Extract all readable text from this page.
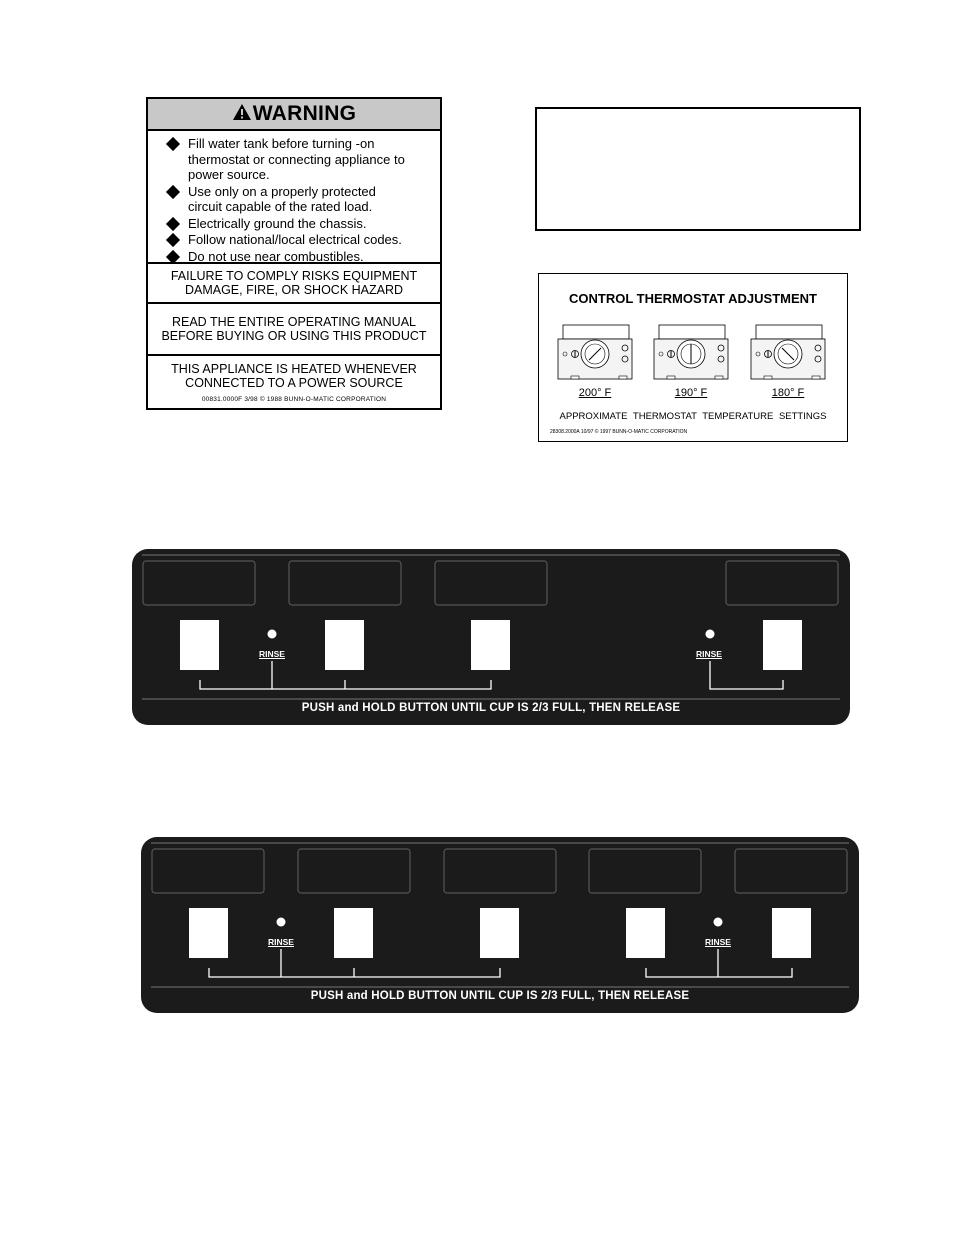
WARNING
Fill water tank before turning -on thermostat or connecting appliance to power source.
Use only on a properly protected circuit capable of the rated load.
Electrically ground the chassis.
Follow national/local electrical codes.
Do not use near combustibles.
FAILURE TO COMPLY RISKS EQUIPMENT
DAMAGE, FIRE, OR SHOCK HAZARD
READ THE ENTIRE OPERATING MANUAL
BEFORE BUYING OR USING THIS PRODUCT
THIS APPLIANCE IS HEATED WHENEVER
CONNECTED TO A POWER SOURCE
00831.0000F 3/98 © 1988 BUNN-O-MATIC CORPORATION
CONTROL THERMOSTAT ADJUSTMENT
200° F	190° F	180° F
APPROXIMATE THERMOSTAT TEMPERATURE SETTINGS
28308.2000A 10/97 © 1997 BUNN-O-MATIC CORPORATION
RINSE	RINSE
PUSH and HOLD BUTTON UNTIL CUP IS 2/3 FULL, THEN RELEASE
RINSE	RINSE
PUSH and HOLD BUTTON UNTIL CUP IS 2/3 FULL, THEN RELEASE
